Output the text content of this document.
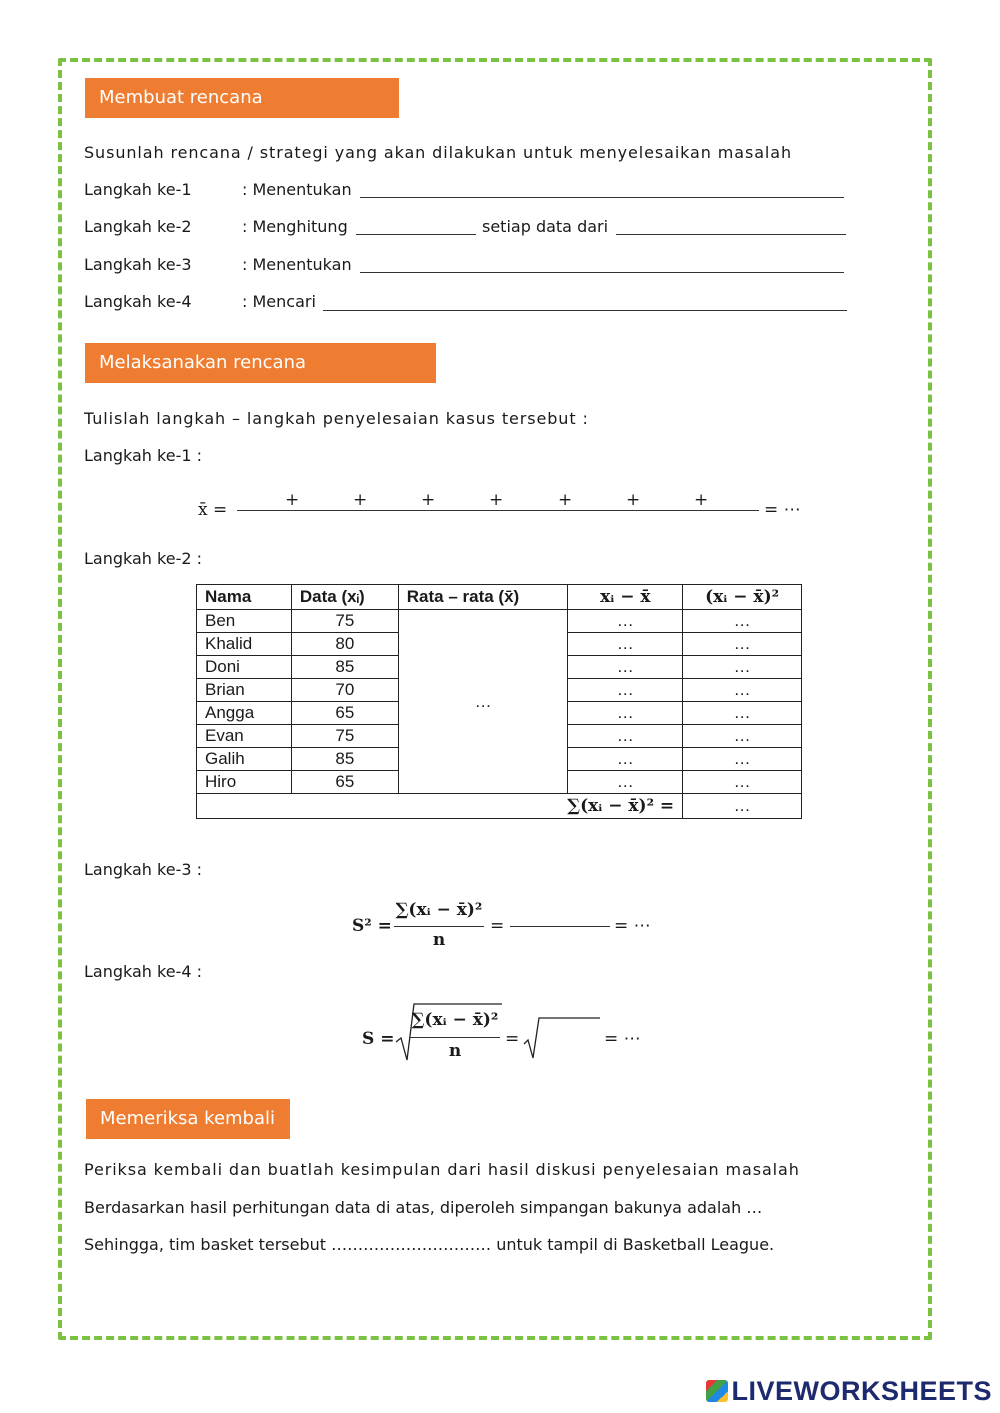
Membuat rencana penyelesaian
Susunlah rencana / strategi yang akan dilakukan untuk menyelesaikan masalah
Langkah ke-1	: Menentukan
Langkah ke-2	: Menghitung	setiap data dari
Langkah ke-3	: Menentukan
Langkah ke-4	: Mencari
Melaksanakan rencana penyelesaian
Tulislah langkah – langkah penyelesaian kasus tersebut :
Langkah ke-1 :
x̄ =	+	+	+	+	+	+	+	= ⋯
Langkah ke-2 :
Nama	Data (xᵢ)	Rata – rata (x̄)	xᵢ − x̄	(xᵢ − x̄)²
Ben	75	…	…	…
Khalid	80		…	…
Doni	85		…	…
Brian	70		…	…
Angga	65		…	…
Evan	75		…	…
Galih	85		…	…
Hiro	65		…	…
∑(xᵢ − x̄)² =				…
Langkah ke-3 :
S² =
∑(xᵢ − x̄)²
n
=	= ⋯
Langkah ke-4 :
S =
∑(xᵢ − x̄)²
n
=	= ⋯
Memeriksa kembali
Periksa kembali dan buatlah kesimpulan dari hasil diskusi penyelesaian masalah
Berdasarkan hasil perhitungan data di atas, diperoleh simpangan bakunya adalah …
Sehingga, tim basket tersebut ………………………… untuk tampil di Basketball League.
LIVEWORKSHEETS
